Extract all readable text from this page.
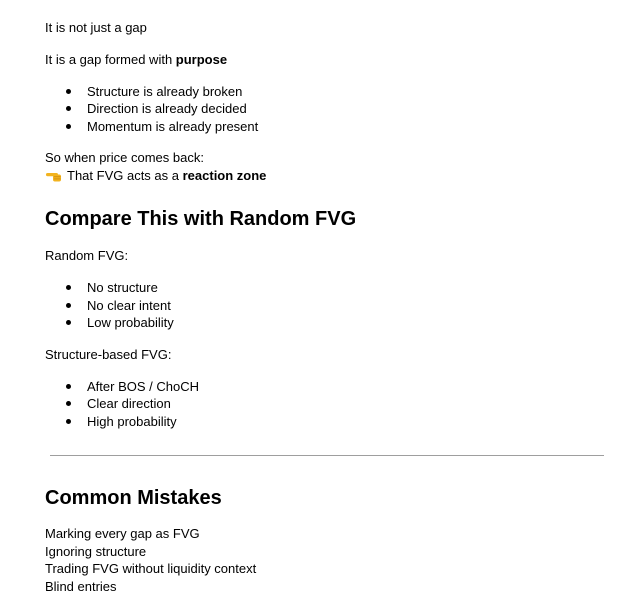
It is not just a gap
It is a gap formed with purpose
Structure is already broken
Direction is already decided
Momentum is already present
So when price comes back:
That FVG acts as a reaction zone
Compare This with Random FVG
Random FVG:
No structure
No clear intent
Low probability
Structure-based FVG:
After BOS / ChoCH
Clear direction
High probability
Common Mistakes
Marking every gap as FVG
Ignoring structure
Trading FVG without liquidity context
Blind entries
